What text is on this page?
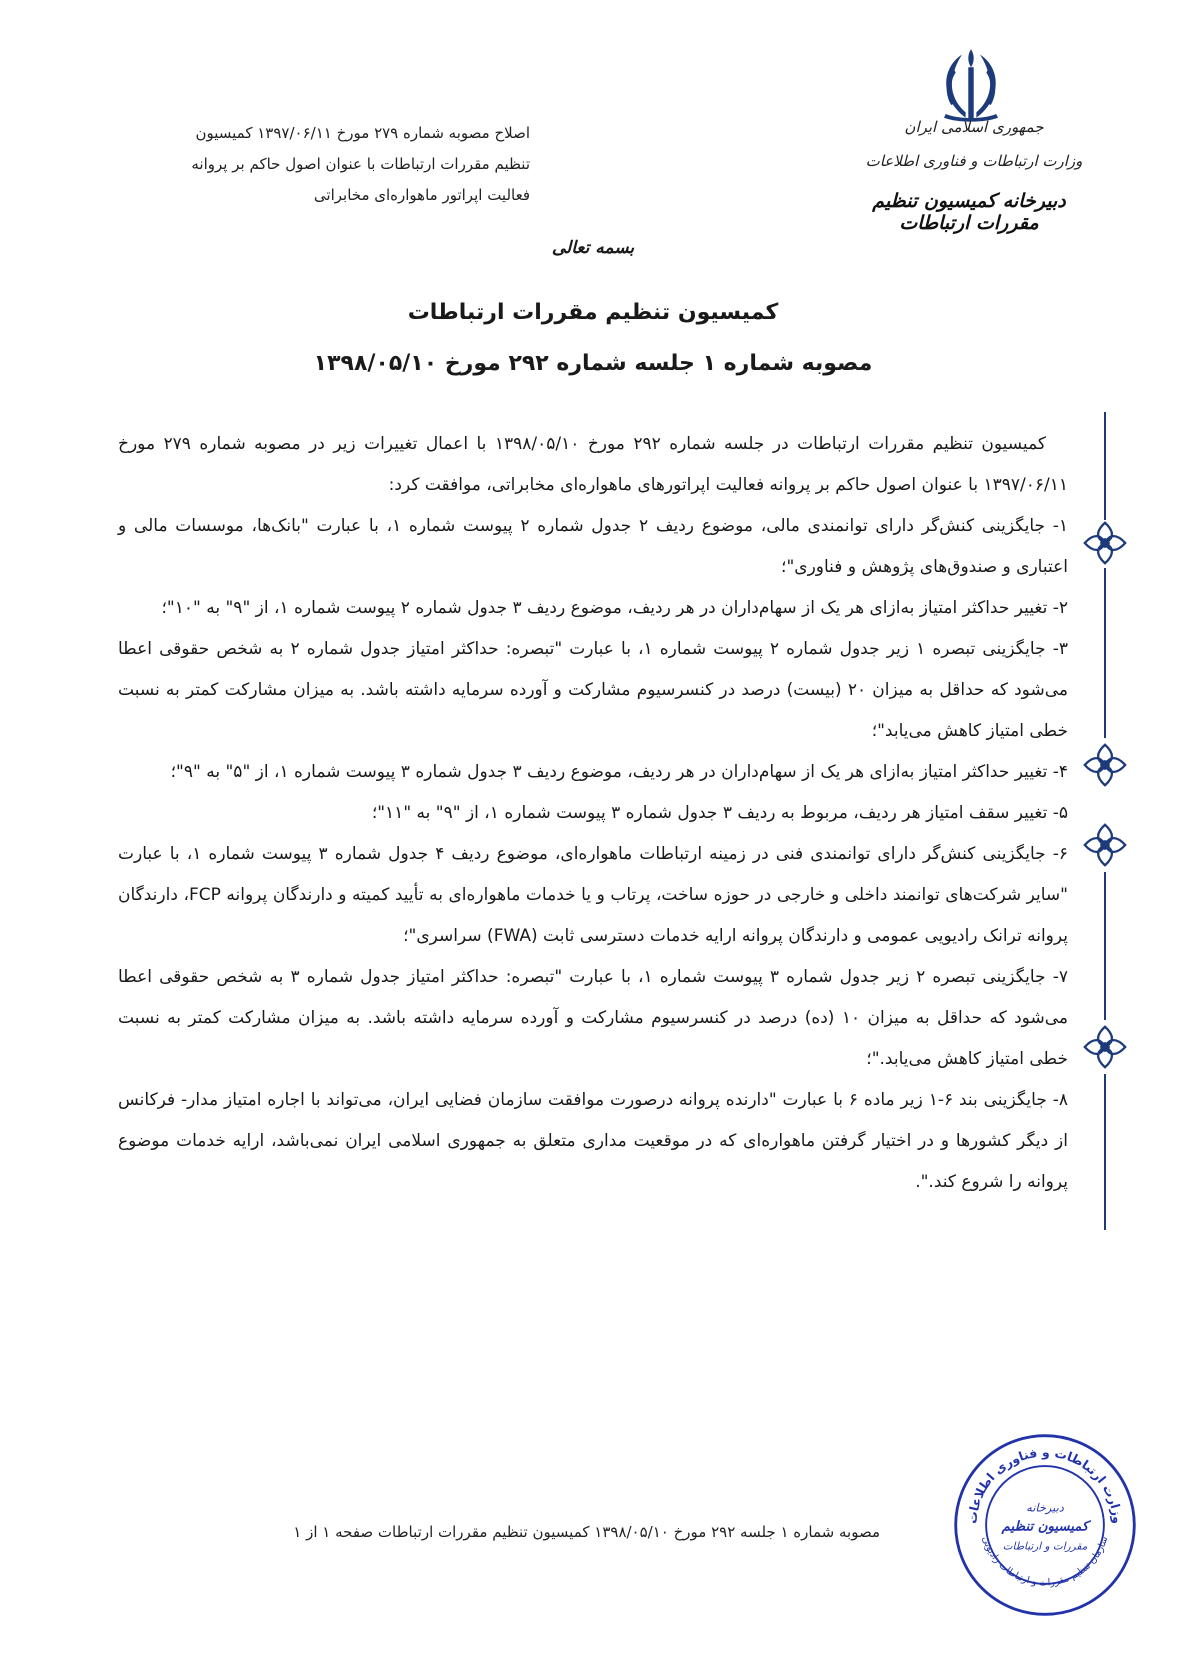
جمهوری اسلامی ایران
وزارت ارتباطات و فناوری اطلاعات
دبیرخانه کمیسیون تنظیم مقررات ارتباطات
اصلاح مصوبه شماره ۲۷۹ مورخ ۱۳۹۷/۰۶/۱۱ کمیسیون
تنظیم مقررات ارتباطات با عنوان اصول حاکم بر پروانه
فعالیت اپراتور ماهواره‌ای مخابراتی
بسمه تعالی
کمیسیون تنظیم مقررات ارتباطات
مصوبه شماره ۱ جلسه شماره ۲۹۲ مورخ ۱۳۹۸/۰۵/۱۰

کمیسیون تنظیم مقررات ارتباطات در جلسه شماره ۲۹۲ مورخ ۱۳۹۸/۰۵/۱۰ با اعمال تغییرات زیر در مصوبه شماره ۲۷۹ مورخ ۱۳۹۷/۰۶/۱۱ با عنوان اصول حاکم بر پروانه فعالیت اپراتورهای ماهواره‌ای مخابراتی، موافقت کرد:

۱- جایگزینی کنش‌گر دارای توانمندی مالی، موضوع ردیف ۲ جدول شماره ۲ پیوست شماره ۱، با عبارت "بانک‌ها، موسسات مالی و اعتباری و صندوق‌های پژوهش و فناوری"؛

۲- تغییر حداکثر امتیاز به‌ازای هر یک از سهام‌داران در هر ردیف، موضوع ردیف ۳ جدول شماره ۲ پیوست شماره ۱، از "۹" به "۱۰"؛

۳- جایگزینی تبصره ۱ زیر جدول شماره ۲ پیوست شماره ۱، با عبارت "تبصره: حداکثر امتیاز جدول شماره ۲ به شخص حقوقی اعطا می‌شود که حداقل به میزان ۲۰ (بیست) درصد در کنسرسیوم مشارکت و آورده سرمایه داشته باشد. به میزان مشارکت کمتر به نسبت خطی امتیاز کاهش می‌یابد"؛

۴- تغییر حداکثر امتیاز به‌ازای هر یک از سهام‌داران در هر ردیف، موضوع ردیف ۳ جدول شماره ۳ پیوست شماره ۱، از "۵" به "۹"؛

۵- تغییر سقف امتیاز هر ردیف، مربوط به ردیف ۳ جدول شماره ۳ پیوست شماره ۱، از "۹" به "۱۱"؛

۶- جایگزینی کنش‌گر دارای توانمندی فنی در زمینه ارتباطات ماهواره‌ای، موضوع ردیف ۴ جدول شماره ۳ پیوست شماره ۱، با عبارت "سایر شرکت‌های توانمند داخلی و خارجی در حوزه ساخت، پرتاب و یا خدمات ماهواره‌ای به تأیید کمیته و دارندگان پروانه FCP، دارندگان پروانه ترانک رادیویی عمومی و دارندگان پروانه ارایه خدمات دسترسی ثابت (FWA) سراسری"؛

۷- جایگزینی تبصره ۲ زیر جدول شماره ۳ پیوست شماره ۱، با عبارت "تبصره: حداکثر امتیاز جدول شماره ۳ به شخص حقوقی اعطا می‌شود که حداقل به میزان ۱۰ (ده) درصد در کنسرسیوم مشارکت و آورده سرمایه داشته باشد. به میزان مشارکت کمتر به نسبت خطی امتیاز کاهش می‌یابد."؛

۸- جایگزینی بند ۶-۱ زیر ماده ۶ با عبارت "دارنده پروانه درصورت موافقت سازمان فضایی ایران، می‌تواند با اجاره امتیاز مدار- فرکانس از دیگر کشورها و در اختیار گرفتن ماهواره‌ای که در موقعیت مداری متعلق به جمهوری اسلامی ایران نمی‌باشد، ارایه خدمات موضوع پروانه را شروع کند.".

مصوبه شماره ۱ جلسه ۲۹۲ مورخ ۱۳۹۸/۰۵/۱۰ کمیسیون تنظیم مقررات ارتباطات صفحه ۱ از ۱
وزارت ارتباطات و فناوری اطلاعات
سازمان تنظیم مقررات و ارتباطات رادیویی
دبیرخانه
کمیسیون تنظیم
مقررات و ارتباطات
